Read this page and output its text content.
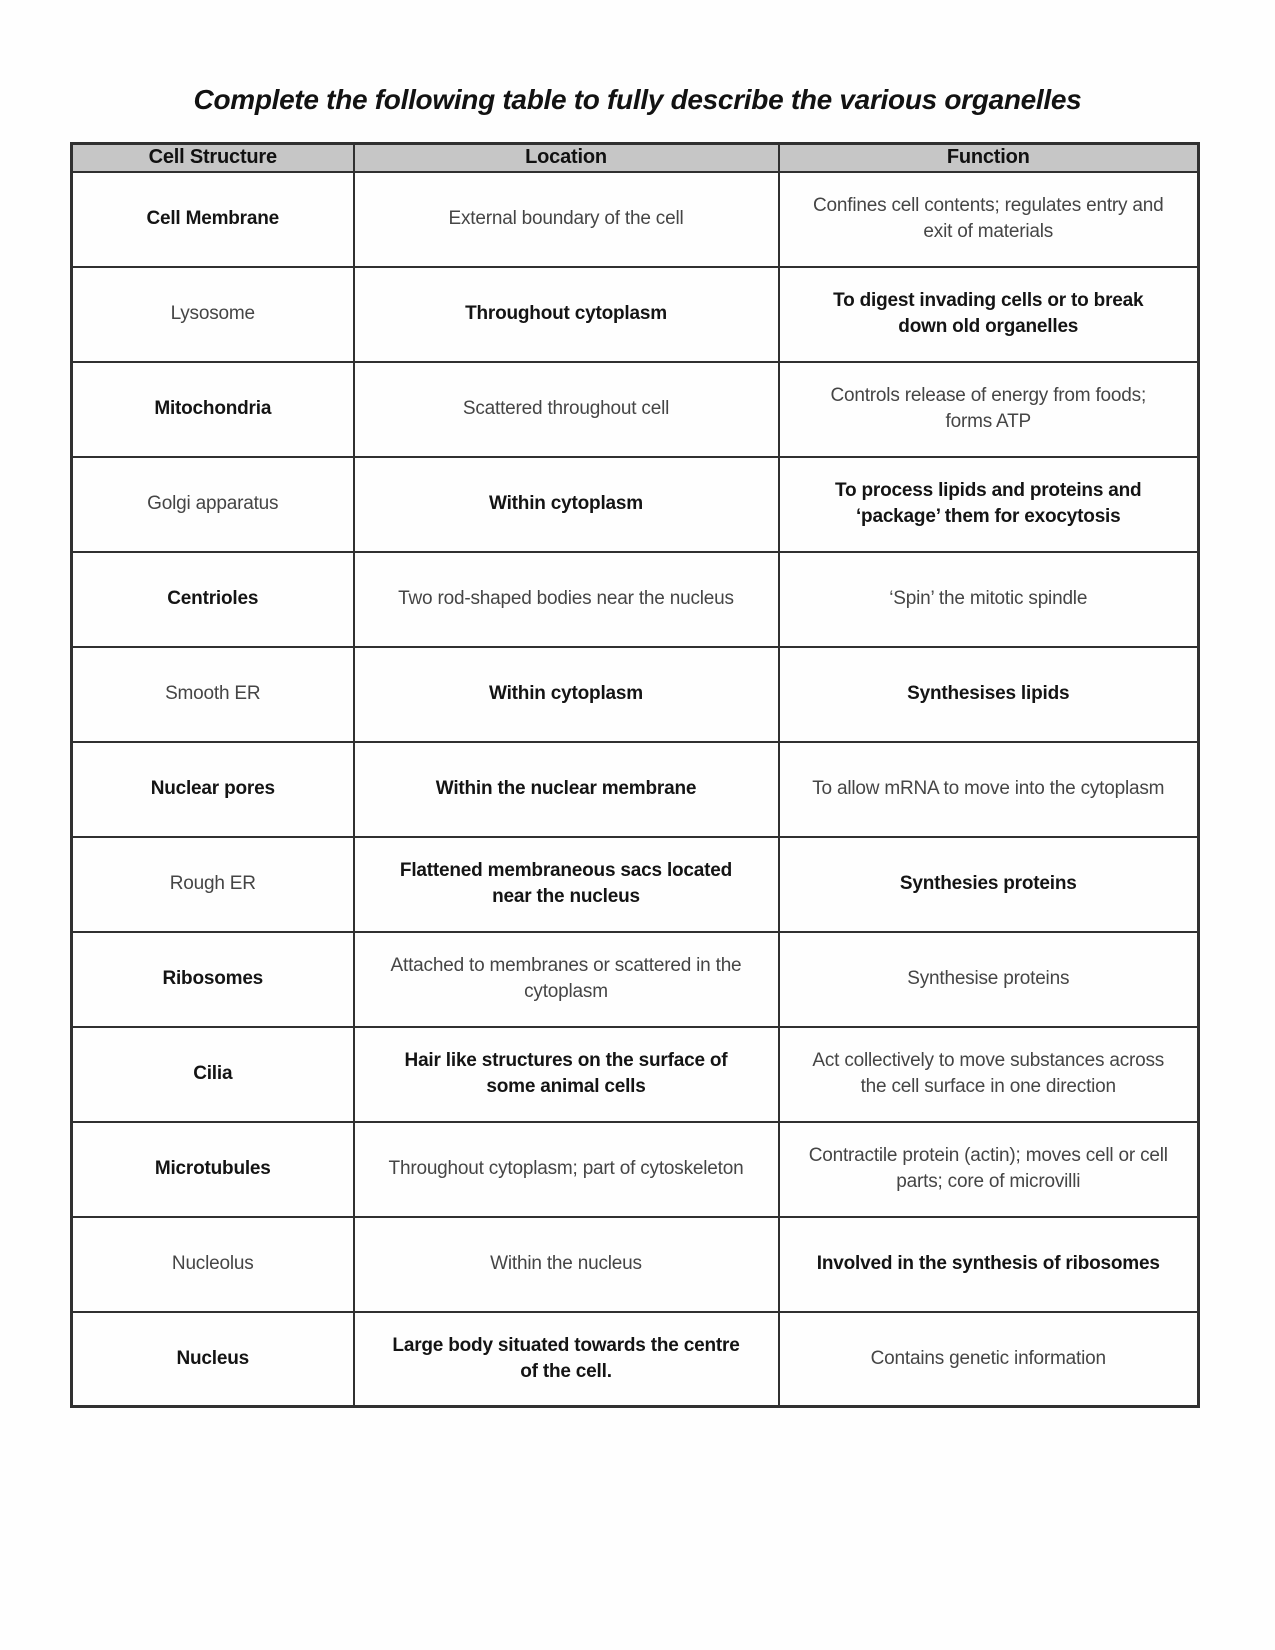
Complete the following table to fully describe the various organelles
Cell Structure	Location	Function
Cell Membrane	External boundary of the cell	Confines cell contents; regulates entry and exit of materials
Lysosome	Throughout cytoplasm	To digest invading cells or to break down old organelles
Mitochondria	Scattered throughout cell	Controls release of energy from foods; forms ATP
Golgi apparatus	Within cytoplasm	To process lipids and proteins and ‘package’ them for exocytosis
Centrioles	Two rod-shaped bodies near the nucleus	‘Spin’ the mitotic spindle
Smooth ER	Within cytoplasm	Synthesises lipids
Nuclear pores	Within the nuclear membrane	To allow mRNA to move into the cytoplasm
Rough ER	Flattened membraneous sacs located near the nucleus	Synthesies proteins
Ribosomes	Attached to membranes or scattered in the cytoplasm	Synthesise proteins
Cilia	Hair like structures on the surface of some animal cells	Act collectively to move substances across the cell surface in one direction
Microtubules	Throughout cytoplasm; part of cytoskeleton	Contractile protein (actin); moves cell or cell parts; core of microvilli
Nucleolus	Within the nucleus	Involved in the synthesis of ribosomes
Nucleus	Large body situated towards the centre of the cell.	Contains genetic information
